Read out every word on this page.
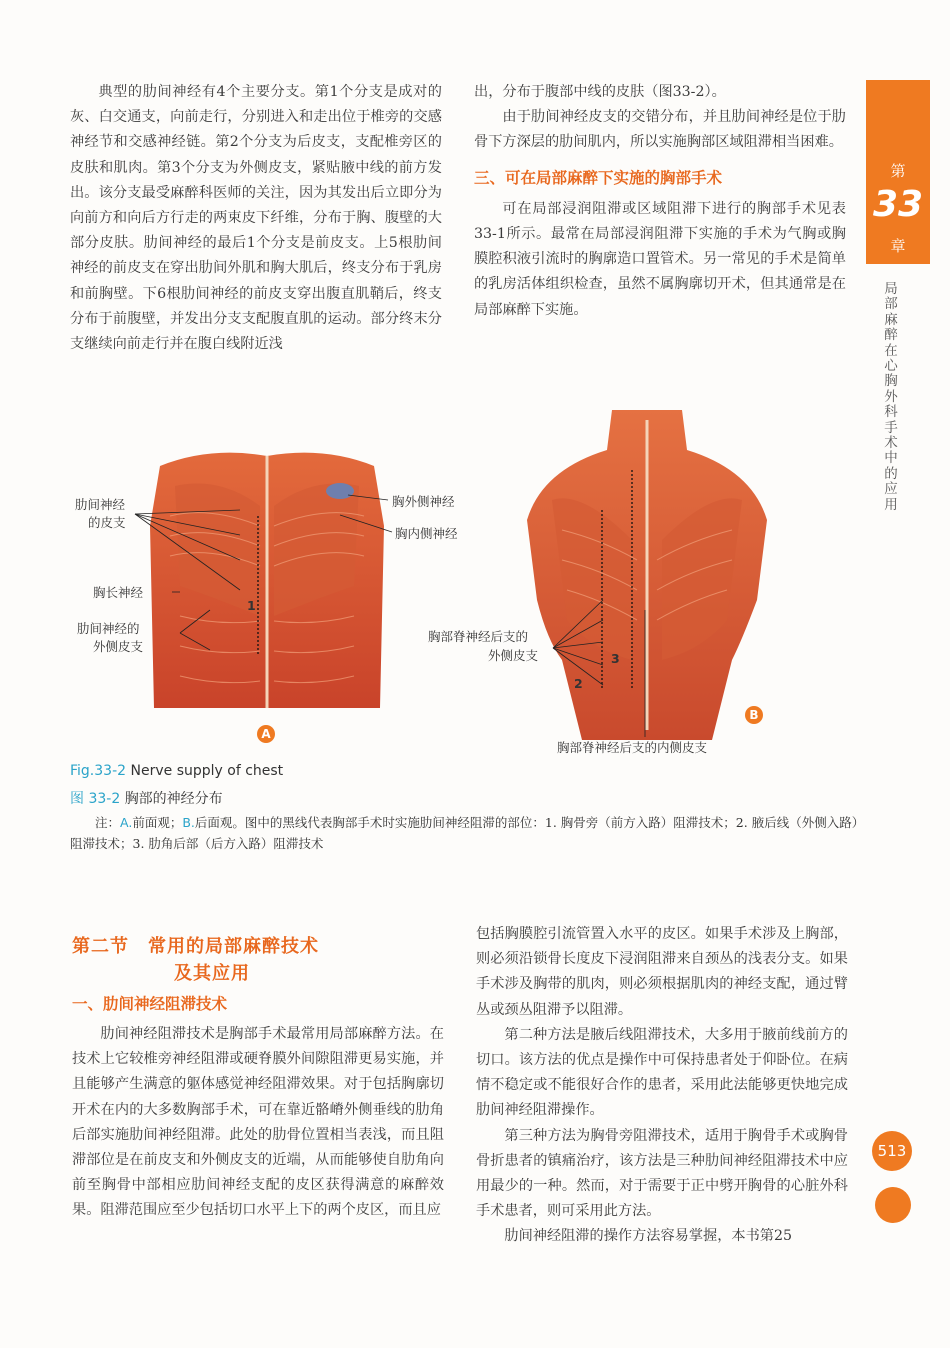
典型的肋间神经有4个主要分支。第1个分支是成对的灰、白交通支，向前走行，分别进入和走出位于椎旁的交感神经节和交感神经链。第2个分支为后皮支，支配椎旁区的皮肤和肌肉。第3个分支为外侧皮支，紧贴腋中线的前方发出。该分支最受麻醉科医师的关注，因为其发出后立即分为向前方和向后方行走的两束皮下纤维，分布于胸、腹壁的大部分皮肤。肋间神经的最后1个分支是前皮支。上5根肋间神经的前皮支在穿出肋间外肌和胸大肌后，终支分布于乳房和前胸壁。下6根肋间神经的前皮支穿出腹直肌鞘后，终支分布于前腹壁，并发出分支支配腹直肌的运动。部分终末分支继续向前走行并在腹白线附近浅

出，分布于腹部中线的皮肤（图33-2）。

由于肋间神经皮支的交错分布，并且肋间神经是位于肋骨下方深层的肋间肌内，所以实施胸部区域阻滞相当困难。

三、可在局部麻醉下实施的胸部手术

可在局部浸润阻滞或区域阻滞下进行的胸部手术见表33-1所示。最常在局部浸润阻滞下实施的手术为气胸或胸膜腔积液引流时的胸廓造口置管术。另一常见的手术是简单的乳房活体组织检查，虽然不属胸廓切开术，但其通常是在局部麻醉下实施。

第
33
章
局部麻醉在心胸外科手术中的应用
A
肋间神经
的皮支
胸长神经
肋间神经的
外侧皮支
胸外侧神经
胸内侧神经
1
B
胸部脊神经后支的
外侧皮支
胸部脊神经后支的内侧皮支
2
3
Fig.33-2 Nerve supply of chest
图 33-2 胸部的神经分布
注：A.前面观；B.后面观。图中的黑线代表胸部手术时实施肋间神经阻滞的部位：1. 胸骨旁（前方入路）阻滞技术；2. 腋后线（外侧入路）阻滞技术；3. 肋角后部（后方入路）阻滞技术
第二节　常用的局部麻醉技术
及其应用
一、肋间神经阻滞技术

肋间神经阻滞技术是胸部手术最常用局部麻醉方法。在技术上它较椎旁神经阻滞或硬脊膜外间隙阻滞更易实施，并且能够产生满意的躯体感觉神经阻滞效果。对于包括胸廓切开术在内的大多数胸部手术，可在靠近骼嵴外侧垂线的肋角后部实施肋间神经阻滞。此处的肋骨位置相当表浅，而且阻滞部位是在前皮支和外侧皮支的近端，从而能够使自肋角向前至胸骨中部相应肋间神经支配的皮区获得满意的麻醉效果。阻滞范围应至少包括切口水平上下的两个皮区，而且应

包括胸膜腔引流管置入水平的皮区。如果手术涉及上胸部，则必须沿锁骨长度皮下浸润阻滞来自颈丛的浅表分支。如果手术涉及胸带的肌肉，则必须根据肌肉的神经支配，通过臂丛或颈丛阻滞予以阻滞。

第二种方法是腋后线阻滞技术，大多用于腋前线前方的切口。该方法的优点是操作中可保持患者处于仰卧位。在病情不稳定或不能很好合作的患者，采用此法能够更快地完成肋间神经阻滞操作。

第三种方法为胸骨旁阻滞技术，适用于胸骨手术或胸骨骨折患者的镇痛治疗，该方法是三种肋间神经阻滞技术中应用最少的一种。然而，对于需要于正中劈开胸骨的心脏外科手术患者，则可采用此方法。

肋间神经阻滞的操作方法容易掌握，本书第25

513
